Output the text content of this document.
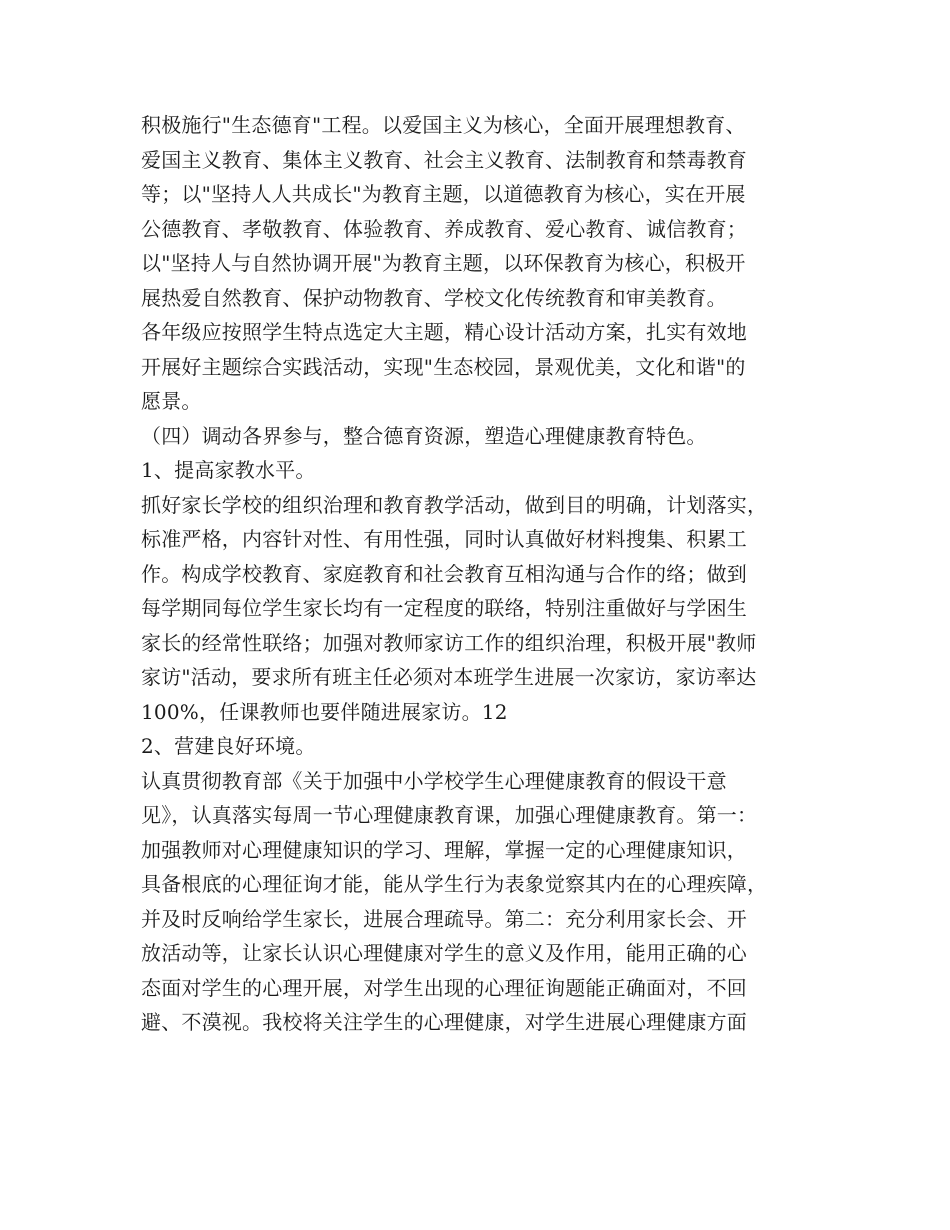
积极施行"生态德育"工程。以爱国主义为核心，全面开展理想教育、
爱国主义教育、集体主义教育、社会主义教育、法制教育和禁毒教育
等；以"坚持人人共成长"为教育主题，以道德教育为核心，实在开展
公德教育、孝敬教育、体验教育、养成教育、爱心教育、诚信教育；
以"坚持人与自然协调开展"为教育主题，以环保教育为核心，积极开
展热爱自然教育、保护动物教育、学校文化传统教育和审美教育。
各年级应按照学生特点选定大主题，精心设计活动方案，扎实有效地
开展好主题综合实践活动，实现"生态校园，景观优美，文化和谐"的
愿景。
（四）调动各界参与，整合德育资源，塑造心理健康教育特色。
1、提高家教水平。
抓好家长学校的组织治理和教育教学活动，做到目的明确，计划落实，
标准严格，内容针对性、有用性强，同时认真做好材料搜集、积累工
作。构成学校教育、家庭教育和社会教育互相沟通与合作的络；做到
每学期同每位学生家长均有一定程度的联络，特别注重做好与学困生
家长的经常性联络；加强对教师家访工作的组织治理，积极开展"教师
家访"活动，要求所有班主任必须对本班学生进展一次家访，家访率达
100%，任课教师也要伴随进展家访。12
2、营建良好环境。
认真贯彻教育部《关于加强中小学校学生心理健康教育的假设干意
见》，认真落实每周一节心理健康教育课，加强心理健康教育。第一：
加强教师对心理健康知识的学习、理解，掌握一定的心理健康知识，
具备根底的心理征询才能，能从学生行为表象觉察其内在的心理疾障，
并及时反响给学生家长，进展合理疏导。第二：充分利用家长会、开
放活动等，让家长认识心理健康对学生的意义及作用，能用正确的心
态面对学生的心理开展，对学生出现的心理征询题能正确面对，不回
避、不漠视。我校将关注学生的心理健康，对学生进展心理健康方面
